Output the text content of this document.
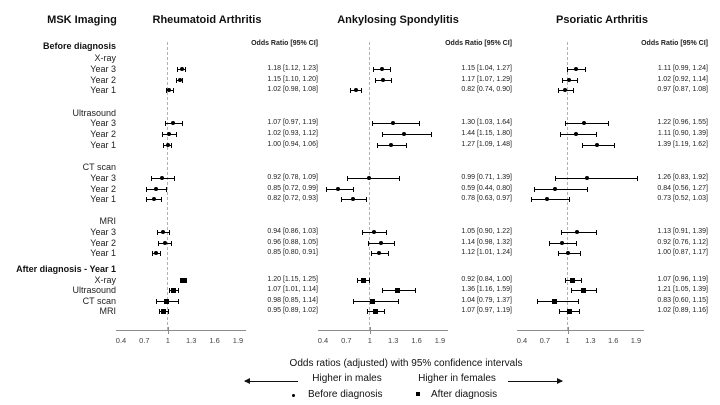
MSK Imaging
Odds ratios (adjusted) with 95% confidence intervals
Higher in males	Higher in females
Before diagnosis	After diagnosis
Rheumatoid Arthritis
Odds Ratio [95% CI]
0.4	0.7	1	1.3	1.6	1.9
Ankylosing Spondylitis
Odds Ratio [95% CI]
0.4	0.7	1	1.3	1.6	1.9
Psoriatic Arthritis
Odds Ratio [95% CI]
0.4	0.7	1	1.3	1.6	1.9
Before diagnosis
X-ray
Year 3	1.18 [1.12, 1.23]	1.15 [1.04, 1.27]	1.11 [0.99, 1.24]
Year 2	1.15 [1.10, 1.20]	1.17 [1.07, 1.29]	1.02 [0.92, 1.14]
Year 1	1.02 [0.98, 1.08]	0.82 [0.74, 0.90]	0.97 [0.87, 1.08]
Ultrasound
Year 3	1.07 [0.97, 1.19]	1.30 [1.03, 1.64]	1.22 [0.96, 1.55]
Year 2	1.02 [0.93, 1.12]	1.44 [1.15, 1.80]	1.11 [0.90, 1.39]
Year 1	1.00 [0.94, 1.06]	1.27 [1.09, 1.48]	1.39 [1.19, 1.62]
CT scan
Year 3	0.92 [0.78, 1.09]	0.99 [0.71, 1.39]	1.26 [0.83, 1.92]
Year 2	0.85 [0.72, 0.99]	0.59 [0.44, 0.80]	0.84 [0.56, 1.27]
Year 1	0.82 [0.72, 0.93]	0.78 [0.63, 0.97]	0.73 [0.52, 1.03]
MRI
Year 3	0.94 [0.86, 1.03]	1.05 [0.90, 1.22]	1.13 [0.91, 1.39]
Year 2	0.96 [0.88, 1.05]	1.14 [0.98, 1.32]	0.92 [0.76, 1.12]
Year 1	0.85 [0.80, 0.91]	1.12 [1.01, 1.24]	1.00 [0.87, 1.17]
After diagnosis - Year 1
X-ray	1.20 [1.15, 1.25]	0.92 [0.84, 1.00]	1.07 [0.96, 1.19]
Ultrasound	1.07 [1.01, 1.14]	1.36 [1.16, 1.59]	1.21 [1.05, 1.39]
CT scan	0.98 [0.85, 1.14]	1.04 [0.79, 1.37]	0.83 [0.60, 1.15]
MRI	0.95 [0.89, 1.02]	1.07 [0.97, 1.19]	1.02 [0.89, 1.16]
